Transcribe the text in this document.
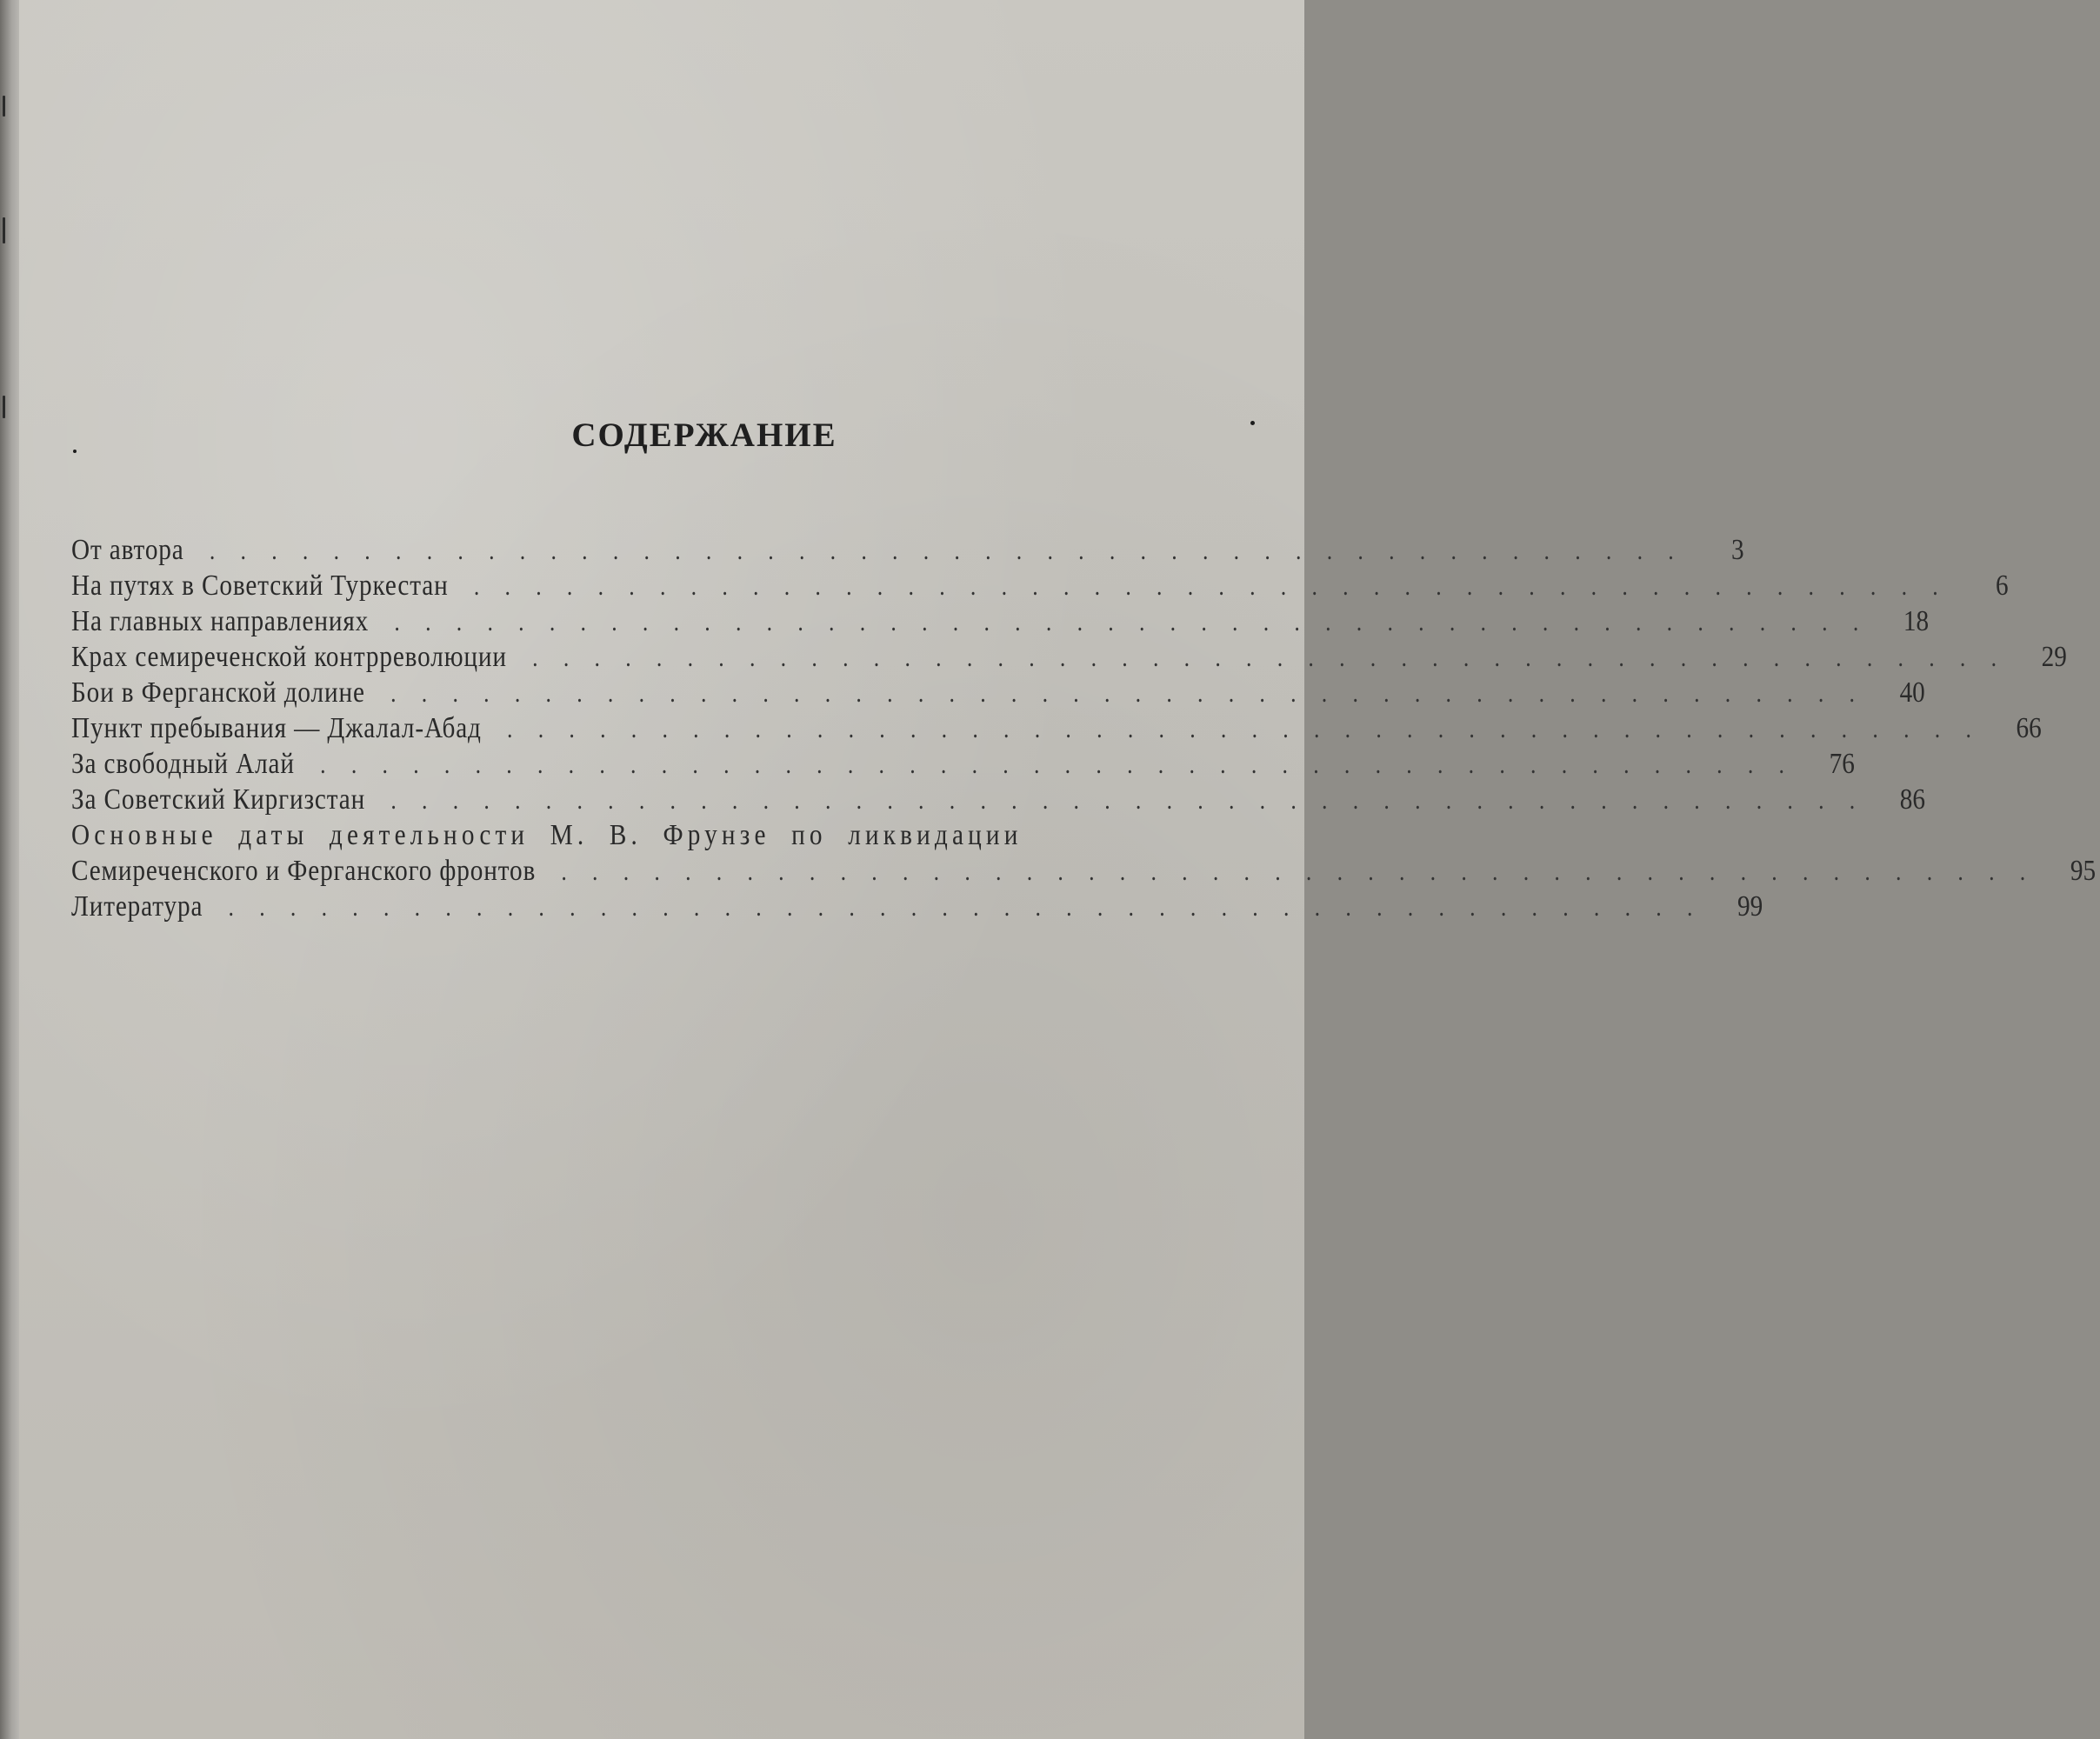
СОДЕРЖАНИЕ
От автора ................................................	3
На путях в Советский Туркестан ................................................	6
На главных направлениях ................................................ 18
Крах семиреченской контрреволюции ................................................ 29
Бои в Ферганской долине ................................................ 40
Пункт пребывания — Джалал-Абад ................................................ 66
За свободный Алай ................................................ 76
За Советский Киргизстан ................................................ 86
Основные даты деятельности М. В. Фрунзе по ликвидации
Семиреченского и Ферганского фронтов ................................................ 95
Литература ................................................ 99
